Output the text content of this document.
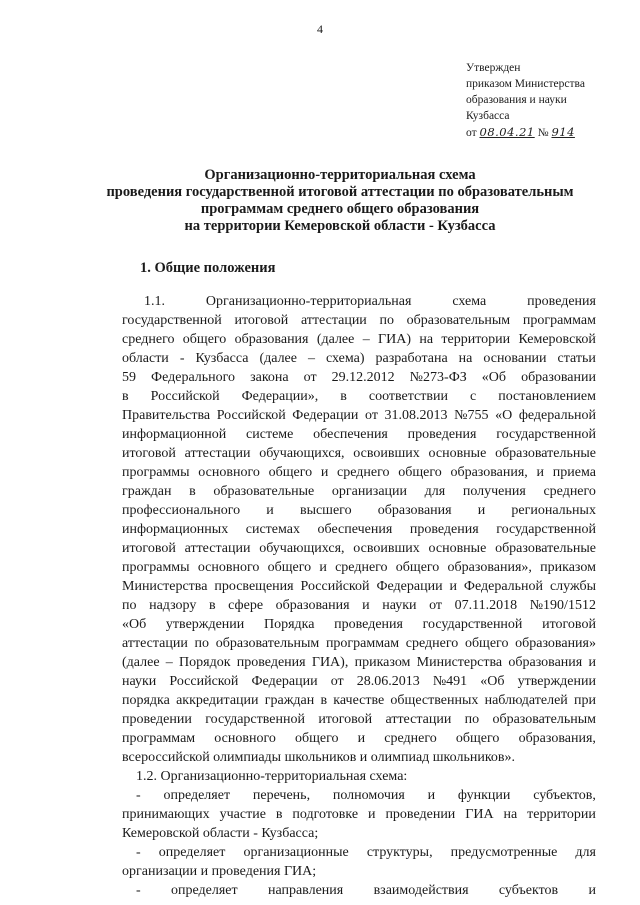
4
Утвержден
приказом Министерства
образования и науки
Кузбасса
от 08.04.21 № 914
Организационно-территориальная схема
проведения государственной итоговой аттестации по образовательным
программам среднего общего образования
на территории Кемеровской области - Кузбасса
1. Общие положения
1.1.	Организационно-территориальная	схема	проведения
государственной итоговой аттестации по образовательным программам
среднего общего образования (далее – ГИА) на территории Кемеровской
области - Кузбасса (далее – схема) разработана на основании статьи
59 Федерального закона от 29.12.2012 №273-ФЗ «Об образовании
в Российской Федерации», в соответствии с постановлением
Правительства Российской Федерации от 31.08.2013 №755 «О федеральной
информационной системе обеспечения проведения государственной
итоговой аттестации обучающихся, освоивших основные образовательные
программы основного общего и среднего общего образования, и приема
граждан в образовательные организации для получения среднего
профессионального и высшего образования и региональных
информационных системах обеспечения проведения государственной
итоговой аттестации обучающихся, освоивших основные образовательные
программы основного общего и среднего общего образования», приказом
Министерства просвещения Российской Федерации и Федеральной службы
по надзору в сфере образования и науки от 07.11.2018 №190/1512
«Об утверждении Порядка проведения государственной итоговой
аттестации по образовательным программам среднего общего образования»
(далее – Порядок проведения ГИА), приказом Министерства образования и
науки Российской Федерации от 28.06.2013 №491 «Об утверждении
порядка аккредитации граждан в качестве общественных наблюдателей при
проведении государственной итоговой аттестации по образовательным
программам основного общего и среднего общего образования,
всероссийской олимпиады школьников и олимпиад школьников».
1.2. Организационно-территориальная схема:
- определяет перечень, полномочия и функции субъектов,
принимающих участие в подготовке и проведении ГИА на территории
Кемеровской области - Кузбасса;
- определяет организационные структуры, предусмотренные для
организации и проведения ГИА;
- определяет направления взаимодействия субъектов и
